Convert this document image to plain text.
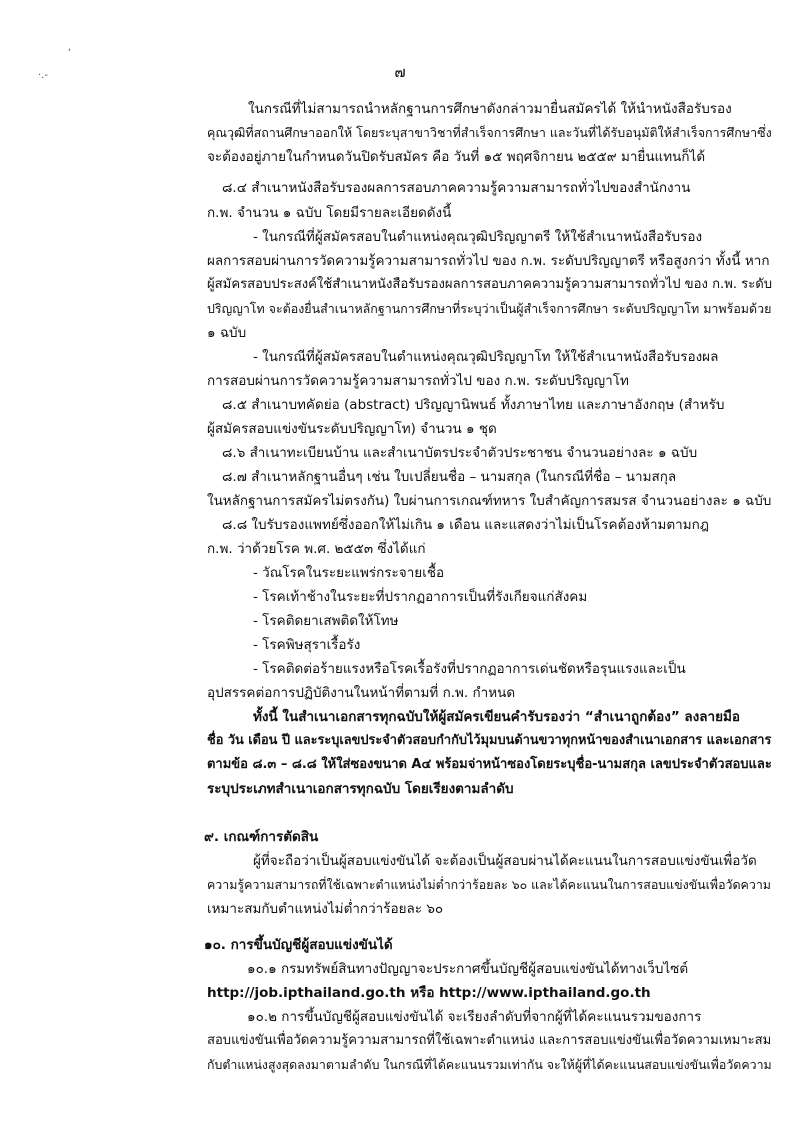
,
·.-	๗
ในกรณีที่ไม่สามารถนำหลักฐานการศึกษาดังกล่าวมายื่นสมัครได้ ให้นำหนังสือรับรอง
คุณวุฒิที่สถานศึกษาออกให้ โดยระบุสาขาวิชาที่สำเร็จการศึกษา และวันที่ได้รับอนุมัติให้สำเร็จการศึกษาซึ่ง
จะต้องอยู่ภายในกำหนดวันปิดรับสมัคร คือ วันที่ ๑๕ พฤศจิกายน ๒๕๕๙ มายื่นแทนก็ได้
๘.๔ สำเนาหนังสือรับรองผลการสอบภาคความรู้ความสามารถทั่วไปของสำนักงาน
ก.พ. จำนวน ๑ ฉบับ โดยมีรายละเอียดดังนี้
- ในกรณีที่ผู้สมัครสอบในตำแหน่งคุณวุฒิปริญญาตรี ให้ใช้สำเนาหนังสือรับรอง
ผลการสอบผ่านการวัดความรู้ความสามารถทั่วไป ของ ก.พ. ระดับปริญญาตรี หรือสูงกว่า ทั้งนี้ หาก
ผู้สมัครสอบประสงค์ใช้สำเนาหนังสือรับรองผลการสอบภาคความรู้ความสามารถทั่วไป ของ ก.พ. ระดับ
ปริญญาโท จะต้องยื่นสำเนาหลักฐานการศึกษาที่ระบุว่าเป็นผู้สำเร็จการศึกษา ระดับปริญญาโท มาพร้อมด้วย
๑ ฉบับ
- ในกรณีที่ผู้สมัครสอบในตำแหน่งคุณวุฒิปริญญาโท ให้ใช้สำเนาหนังสือรับรองผล
การสอบผ่านการวัดความรู้ความสามารถทั่วไป ของ ก.พ. ระดับปริญญาโท
๘.๕ สำเนาบทคัดย่อ (abstract) ปริญญานิพนธ์ ทั้งภาษาไทย และภาษาอังกฤษ (สำหรับ
ผู้สมัครสอบแข่งขันระดับปริญญาโท) จำนวน ๑ ชุด
๘.๖ สำเนาทะเบียนบ้าน และสำเนาบัตรประจำตัวประชาชน จำนวนอย่างละ ๑ ฉบับ
๘.๗ สำเนาหลักฐานอื่นๆ เช่น ใบเปลี่ยนชื่อ – นามสกุล (ในกรณีที่ชื่อ – นามสกุล
ในหลักฐานการสมัครไม่ตรงกัน) ใบผ่านการเกณฑ์ทหาร ใบสำคัญการสมรส จำนวนอย่างละ ๑ ฉบับ
๘.๘ ใบรับรองแพทย์ซึ่งออกให้ไม่เกิน ๑ เดือน และแสดงว่าไม่เป็นโรคต้องห้ามตามกฎ
ก.พ. ว่าด้วยโรค พ.ศ. ๒๕๕๓ ซึ่งได้แก่
- วัณโรคในระยะแพร่กระจายเชื้อ
- โรคเท้าช้างในระยะที่ปรากฏอาการเป็นที่รังเกียจแก่สังคม
- โรคติดยาเสพติดให้โทษ
- โรคพิษสุราเรื้อรัง
- โรคติดต่อร้ายแรงหรือโรคเรื้อรังที่ปรากฏอาการเด่นชัดหรือรุนแรงและเป็น
อุปสรรคต่อการปฏิบัติงานในหน้าที่ตามที่ ก.พ. กำหนด
ทั้งนี้ ในสำเนาเอกสารทุกฉบับให้ผู้สมัครเขียนคำรับรองว่า “สำเนาถูกต้อง” ลงลายมือ
ชื่อ วัน เดือน ปี และระบุเลขประจำตัวสอบกำกับไว้มุมบนด้านขวาทุกหน้าของสำเนาเอกสาร และเอกสาร
ตามข้อ ๘.๓ – ๘.๘ ให้ใส่ซองขนาด A๔ พร้อมจ่าหน้าซองโดยระบุชื่อ-นามสกุล เลขประจำตัวสอบและ
ระบุประเภทสำเนาเอกสารทุกฉบับ โดยเรียงตามลำดับ
๙. เกณฑ์การตัดสิน
ผู้ที่จะถือว่าเป็นผู้สอบแข่งขันได้ จะต้องเป็นผู้สอบผ่านได้คะแนนในการสอบแข่งขันเพื่อวัด
ความรู้ความสามารถที่ใช้เฉพาะตำแหน่งไม่ต่ำกว่าร้อยละ ๖๐ และได้คะแนนในการสอบแข่งขันเพื่อวัดความ
เหมาะสมกับตำแหน่งไม่ต่ำกว่าร้อยละ ๖๐
๑๐. การขึ้นบัญชีผู้สอบแข่งขันได้
๑๐.๑ กรมทรัพย์สินทางปัญญาจะประกาศขึ้นบัญชีผู้สอบแข่งขันได้ทางเว็บไซต์
http://job.ipthailand.go.th หรือ http://www.ipthailand.go.th
๑๐.๒ การขึ้นบัญชีผู้สอบแข่งขันได้ จะเรียงลำดับที่จากผู้ที่ได้คะแนนรวมของการ
สอบแข่งขันเพื่อวัดความรู้ความสามารถที่ใช้เฉพาะตำแหน่ง และการสอบแข่งขันเพื่อวัดความเหมาะสม
กับตำแหน่งสูงสุดลงมาตามลำดับ ในกรณีที่ได้คะแนนรวมเท่ากัน จะให้ผู้ที่ได้คะแนนสอบแข่งขันเพื่อวัดความ
